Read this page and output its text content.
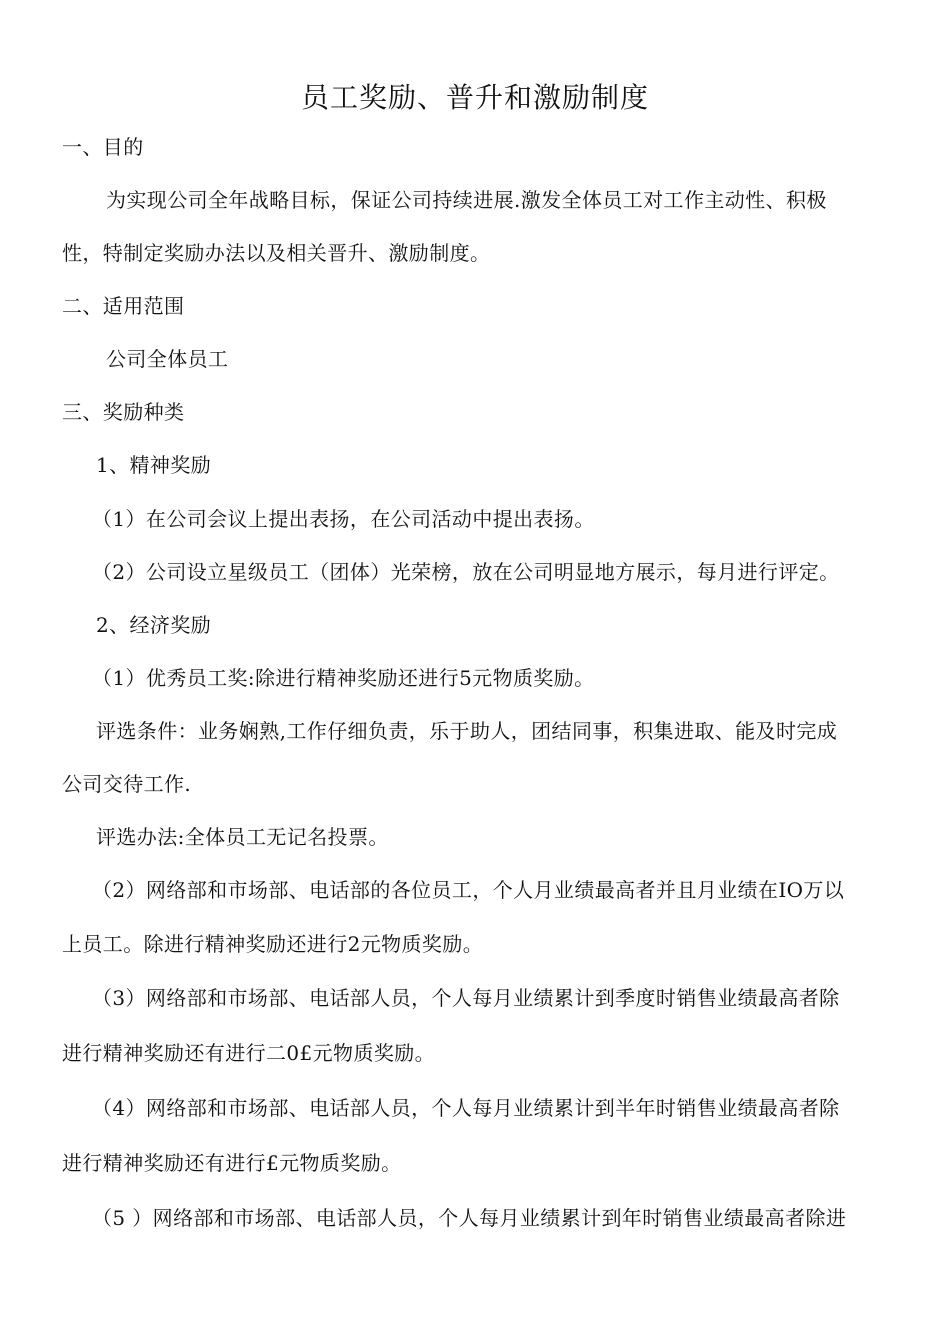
员工奖励、普升和激励制度
一、目的
为实现公司全年战略目标，保证公司持续进展.激发全体员工对工作主动性、积极
性，特制定奖励办法以及相关晋升、激励制度。
二、适用范围
公司全体员工
三、奖励种类
1、精神奖励
（1）在公司会议上提出表扬，在公司活动中提出表扬。
（2）公司设立星级员工（团体）光荣榜，放在公司明显地方展示，每月进行评定。
2、经济奖励
（1）优秀员工奖:除进行精神奖励还进行5元物质奖励。
评选条件：业务娴熟,工作仔细负责，乐于助人，团结同事，积集进取、能及时完成
公司交待工作.
评选办法:全体员工无记名投票。
（2）网络部和市场部、电话部的各位员工，个人月业绩最高者并且月业绩在IO万以
上员工。除进行精神奖励还进行2元物质奖励。
（3）网络部和市场部、电话部人员，个人每月业绩累计到季度时销售业绩最高者除
进行精神奖励还有进行二0£元物质奖励。
（4）网络部和市场部、电话部人员，个人每月业绩累计到半年时销售业绩最高者除
进行精神奖励还有进行£元物质奖励。
（5 ）网络部和市场部、电话部人员，个人每月业绩累计到年时销售业绩最高者除进
